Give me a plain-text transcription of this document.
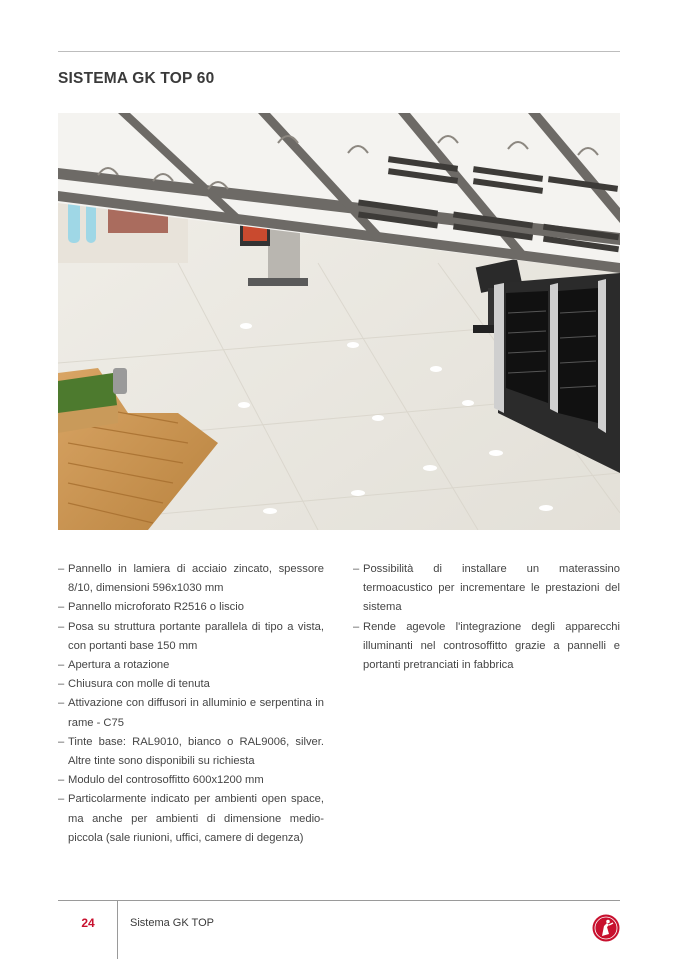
SISTEMA GK TOP 60
– Pannello in lamiera di acciaio zincato, spessore 8/10, dimensioni 596x1030 mm
– Pannello microforato R2516 o liscio
– Posa su struttura portante parallela di tipo a vista, con portanti base 150 mm
– Apertura a rotazione
– Chiusura con molle di tenuta
– Attivazione con diffusori in alluminio e serpentina in rame - C75
– Tinte base: RAL9010, bianco o RAL9006, silver. Altre tinte sono disponibili su richiesta
– Modulo del controsoffitto 600x1200 mm
– Particolarmente indicato per ambienti open space, ma anche per ambienti di dimensione medio-piccola (sale riunioni, uffici, camere di degenza)
– Possibilità di installare un materassino termoacustico per incrementare le prestazioni del sistema
– Rende agevole l'integrazione degli apparecchi illuminanti nel controsoffitto grazie a pannelli e portanti pretranciati in fabbrica
24	Sistema GK TOP
